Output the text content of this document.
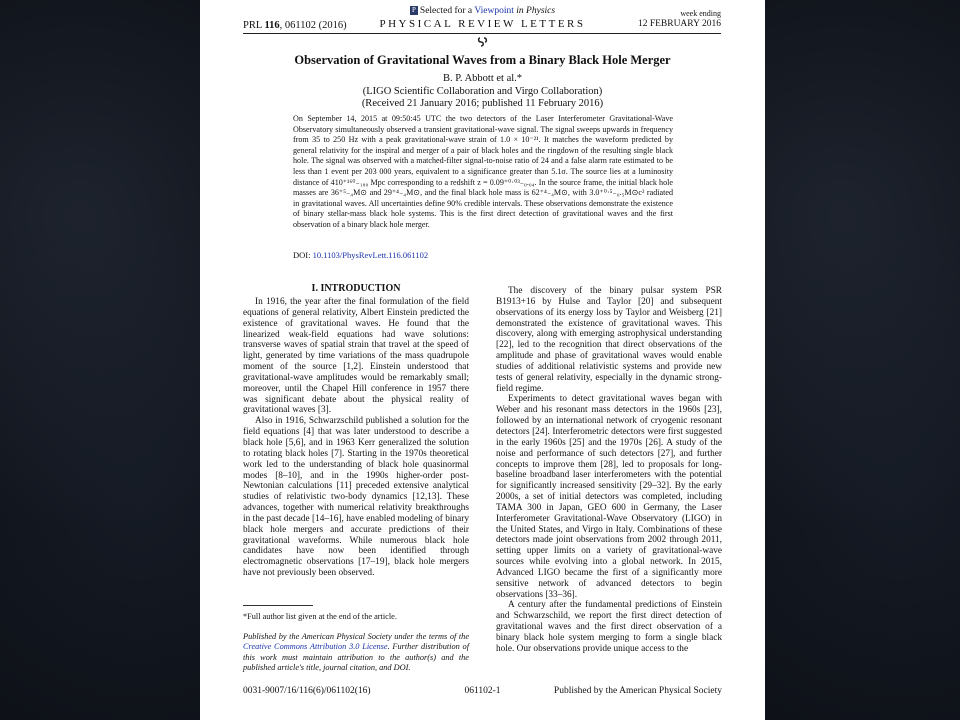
PRL 116, 061102 (2016)
P Selected for a Viewpoint in Physics
PHYSICAL REVIEW LETTERS
week ending
12 FEBRUARY 2016
Observation of Gravitational Waves from a Binary Black Hole Merger
B. P. Abbott et al.*
(LIGO Scientific Collaboration and Virgo Collaboration)
(Received 21 January 2016; published 11 February 2016)
On September 14, 2015 at 09:50:45 UTC the two detectors of the Laser Interferometer Gravitational-Wave Observatory simultaneously observed a transient gravitational-wave signal. The signal sweeps upwards in frequency from 35 to 250 Hz with a peak gravitational-wave strain of 1.0 × 10⁻²¹. It matches the waveform predicted by general relativity for the inspiral and merger of a pair of black holes and the ringdown of the resulting single black hole. The signal was observed with a matched-filter signal-to-noise ratio of 24 and a false alarm rate estimated to be less than 1 event per 203 000 years, equivalent to a significance greater than 5.1σ. The source lies at a luminosity distance of 410⁺¹⁶⁰₋₁₈₀ Mpc corresponding to a redshift z = 0.09⁺⁰·⁰³₋₀.₀₄. In the source frame, the initial black hole masses are 36⁺⁵₋₄M⊙ and 29⁺⁴₋₄M⊙, and the final black hole mass is 62⁺⁴₋₄M⊙, with 3.0⁺⁰·⁵₋₀.₅M⊙c² radiated in gravitational waves. All uncertainties define 90% credible intervals. These observations demonstrate the existence of binary stellar-mass black hole systems. This is the first direct detection of gravitational waves and the first observation of a binary black hole merger.
DOI: 10.1103/PhysRevLett.116.061102
I. INTRODUCTION

In 1916, the year after the final formulation of the field equations of general relativity, Albert Einstein predicted the existence of gravitational waves. He found that the linearized weak-field equations had wave solutions: transverse waves of spatial strain that travel at the speed of light, generated by time variations of the mass quadrupole moment of the source [1,2]. Einstein understood that gravitational-wave amplitudes would be remarkably small; moreover, until the Chapel Hill conference in 1957 there was significant debate about the physical reality of gravitational waves [3].

Also in 1916, Schwarzschild published a solution for the field equations [4] that was later understood to describe a black hole [5,6], and in 1963 Kerr generalized the solution to rotating black holes [7]. Starting in the 1970s theoretical work led to the understanding of black hole quasinormal modes [8–10], and in the 1990s higher-order post-Newtonian calculations [11] preceded extensive analytical studies of relativistic two-body dynamics [12,13]. These advances, together with numerical relativity breakthroughs in the past decade [14–16], have enabled modeling of binary black hole mergers and accurate predictions of their gravitational waveforms. While numerous black hole candidates have now been identified through electromagnetic observations [17–19], black hole mergers have not previously been observed.

*Full author list given at the end of the article.
Published by the American Physical Society under the terms of the Creative Commons Attribution 3.0 License. Further distribution of this work must maintain attribution to the author(s) and the published article's title, journal citation, and DOI.

The discovery of the binary pulsar system PSR B1913+16 by Hulse and Taylor [20] and subsequent observations of its energy loss by Taylor and Weisberg [21] demonstrated the existence of gravitational waves. This discovery, along with emerging astrophysical understanding [22], led to the recognition that direct observations of the amplitude and phase of gravitational waves would enable studies of additional relativistic systems and provide new tests of general relativity, especially in the dynamic strong-field regime.

Experiments to detect gravitational waves began with Weber and his resonant mass detectors in the 1960s [23], followed by an international network of cryogenic resonant detectors [24]. Interferometric detectors were first suggested in the early 1960s [25] and the 1970s [26]. A study of the noise and performance of such detectors [27], and further concepts to improve them [28], led to proposals for long-baseline broadband laser interferometers with the potential for significantly increased sensitivity [29–32]. By the early 2000s, a set of initial detectors was completed, including TAMA 300 in Japan, GEO 600 in Germany, the Laser Interferometer Gravitational-Wave Observatory (LIGO) in the United States, and Virgo in Italy. Combinations of these detectors made joint observations from 2002 through 2011, setting upper limits on a variety of gravitational-wave sources while evolving into a global network. In 2015, Advanced LIGO became the first of a significantly more sensitive network of advanced detectors to begin observations [33–36].

A century after the fundamental predictions of Einstein and Schwarzschild, we report the first direct detection of gravitational waves and the first direct observation of a binary black hole system merging to form a single black hole. Our observations provide unique access to the

0031-9007/16/116(6)/061102(16)	061102-1	Published by the American Physical Society
